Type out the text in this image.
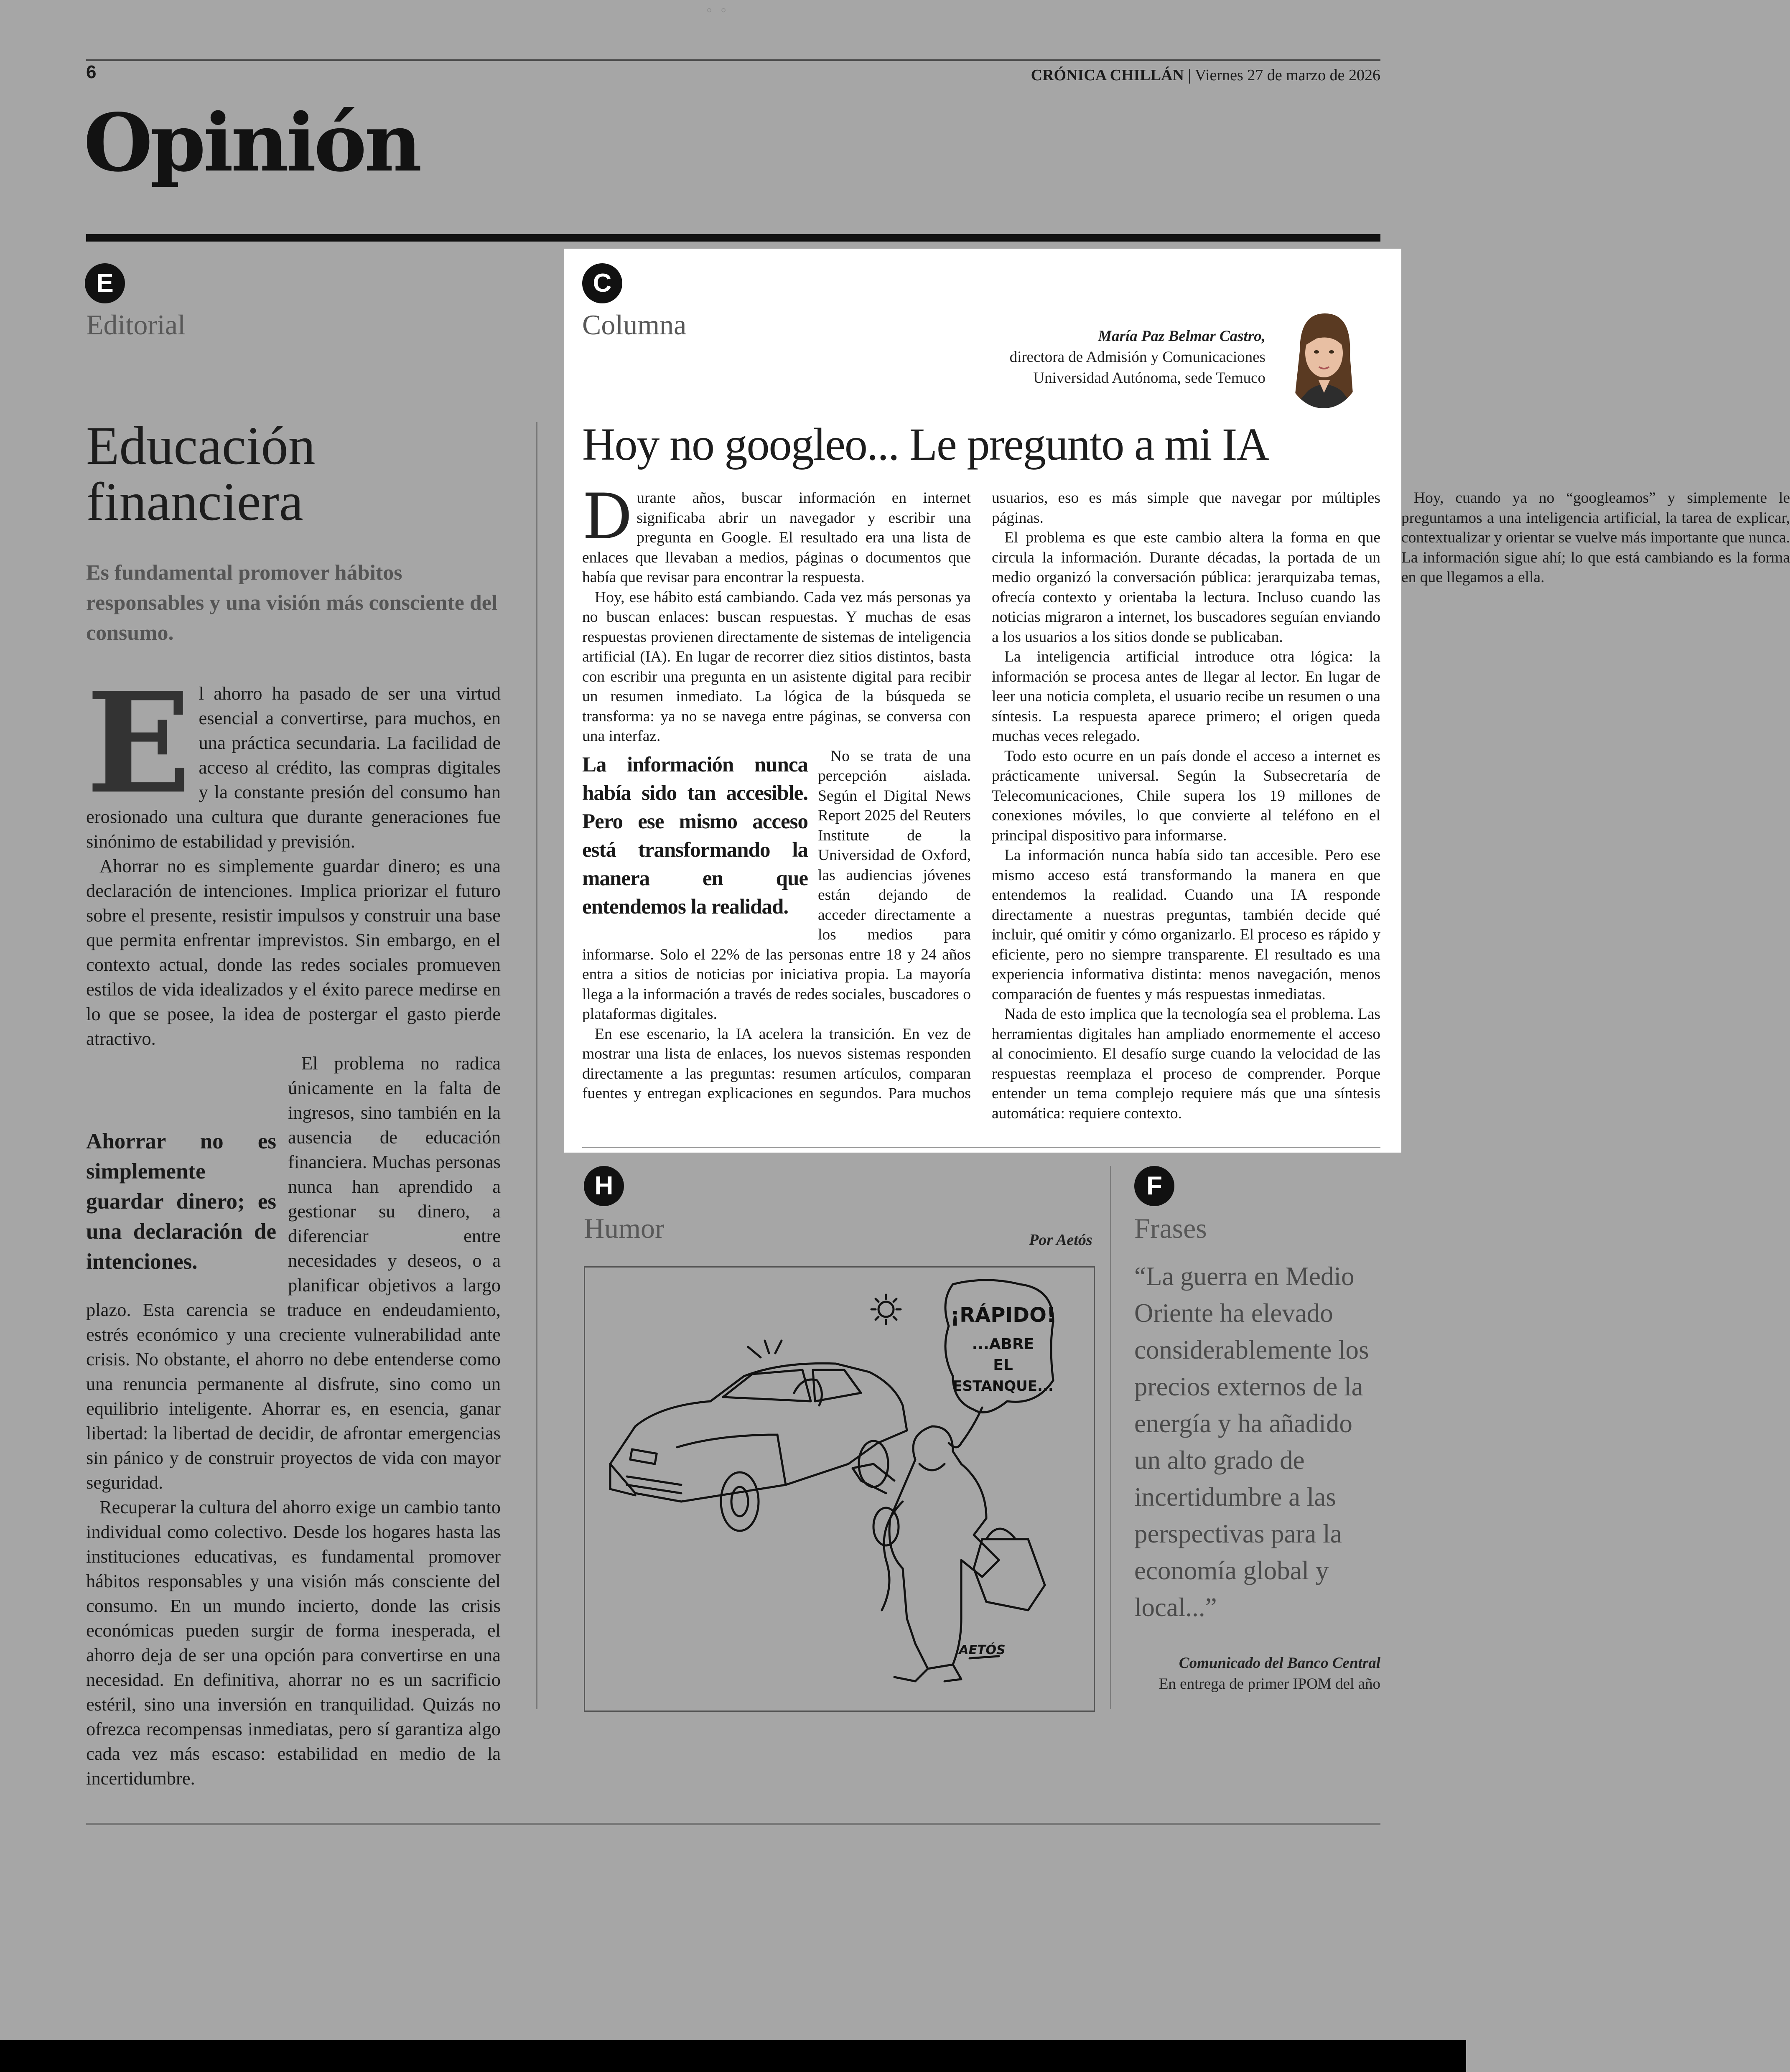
◦◦
6	CRÓNICA CHILLÁN | Viernes 27 de marzo de 2026
Opinión
E
Editorial
Educación
financiera
Es fundamental promover hábitos responsables y una visión más consciente del consumo.
E l ahorro ha pasado de ser una virtud esencial a convertirse, para muchos, en una práctica secundaria. La facilidad de acceso al crédito, las compras digitales y la constante presión del consumo han erosionado una cultura que durante generaciones fue sinónimo de estabilidad y previsión.

Ahorrar no es simplemente guardar dinero; es una declaración de intenciones. Implica priorizar el futuro sobre el presente, resistir impulsos y construir una base que permita enfrentar imprevistos. Sin embargo, en el contexto actual, donde las redes sociales promueven estilos de vida idealizados y el éxito parece medirse en lo que se posee, la idea de postergar el gasto pierde atractivo.

Ahorrar no es simplemente guardar dinero; es una declaración de intenciones.

El problema no radica únicamente en la falta de ingresos, sino también en la ausencia de educación financiera. Muchas personas nunca han aprendido a gestionar su dinero, a diferenciar entre necesidades y deseos, o a planificar objetivos a largo plazo. Esta carencia se traduce en endeudamiento, estrés económico y una creciente vulnerabilidad ante crisis. No obstante, el ahorro no debe entenderse como una renuncia permanente al disfrute, sino como un equilibrio inteligente. Ahorrar es, en esencia, ganar libertad: la libertad de decidir, de afrontar emergencias sin pánico y de construir proyectos de vida con mayor seguridad.

Recuperar la cultura del ahorro exige un cambio tanto individual como colectivo. Desde los hogares hasta las instituciones educativas, es fundamental promover hábitos responsables y una visión más consciente del consumo. En un mundo incierto, donde las crisis económicas pueden surgir de forma inesperada, el ahorro deja de ser una opción para convertirse en una necesidad. En definitiva, ahorrar no es un sacrificio estéril, sino una inversión en tranquilidad. Quizás no ofrezca recompensas inmediatas, pero sí garantiza algo cada vez más escaso: estabilidad en medio de la incertidumbre.

C
Columna	María Paz Belmar Castro,
directora de Admisión y Comunicaciones
Universidad Autónoma, sede Temuco
Hoy no googleo... Le pregunto a mi IA
D urante años, buscar información en internet significaba abrir un navegador y escribir una pregunta en Google. El resultado era una lista de enlaces que llevaban a medios, páginas o documentos que había que revisar para encontrar la respuesta.

Hoy, ese hábito está cambiando. Cada vez más personas ya no buscan enlaces: buscan respuestas. Y muchas de esas respuestas provienen directamente de sistemas de inteligencia artificial (IA). En lugar de recorrer diez sitios distintos, basta con escribir una pregunta en un asistente digital para recibir un resumen inmediato. La lógica de la búsqueda se transforma: ya no se navega entre páginas, se conversa con una interfaz.

La información nunca había sido tan accesible. Pero ese mismo acceso está transformando la manera en que entendemos la realidad.

No se trata de una percepción aislada. Según el Digital News Report 2025 del Reuters Institute de la Universidad de Oxford, las audiencias jóvenes están dejando de acceder directamente a los medios para informarse. Solo el 22% de las personas entre 18 y 24 años entra a sitios de noticias por iniciativa propia. La mayoría llega a la información a través de redes sociales, buscadores o plataformas digitales.

En ese escenario, la IA acelera la transición. En vez de mostrar una lista de enlaces, los nuevos sistemas responden directamente a las preguntas: resumen artículos, comparan fuentes y entregan explicaciones en segundos. Para muchos usuarios, eso es más simple que navegar por múltiples páginas.

El problema es que este cambio altera la forma en que circula la información. Durante décadas, la portada de un medio organizó la conversación pública: jerarquizaba temas, ofrecía contexto y orientaba la lectura. Incluso cuando las noticias migraron a internet, los buscadores seguían enviando a los usuarios a los sitios donde se publicaban.

La inteligencia artificial introduce otra lógica: la información se procesa antes de llegar al lector. En lugar de leer una noticia completa, el usuario recibe un resumen o una síntesis. La respuesta aparece primero; el origen queda muchas veces relegado.

Todo esto ocurre en un país donde el acceso a internet es prácticamente universal. Según la Subsecretaría de Telecomunicaciones, Chile supera los 19 millones de conexiones móviles, lo que convierte al teléfono en el principal dispositivo para informarse.

La información nunca había sido tan accesible. Pero ese mismo acceso está transformando la manera en que entendemos la realidad. Cuando una IA responde directamente a nuestras preguntas, también decide qué incluir, qué omitir y cómo organizarlo. El proceso es rápido y eficiente, pero no siempre transparente. El resultado es una experiencia informativa distinta: menos navegación, menos comparación de fuentes y más respuestas inmediatas.

Nada de esto implica que la tecnología sea el problema. Las herramientas digitales han ampliado enormemente el acceso al conocimiento. El desafío surge cuando la velocidad de las respuestas reemplaza el proceso de comprender. Porque entender un tema complejo requiere más que una síntesis automática: requiere contexto.

Hoy, cuando ya no “googleamos” y simplemente le preguntamos a una inteligencia artificial, la tarea de explicar, contextualizar y orientar se vuelve más importante que nunca. La información sigue ahí; lo que está cambiando es la forma en que llegamos a ella.

H
Humor	Por Aetós
¡RÁPIDO!
...ABRE
EL
ESTANQUE...
AETÓS
F
Frases
“La guerra en Medio Oriente ha elevado considerablemente los precios externos de la energía y ha añadido un alto grado de incertidumbre a las perspectivas para la economía global y local...”
Comunicado del Banco Central
En entrega de primer IPOM del año
